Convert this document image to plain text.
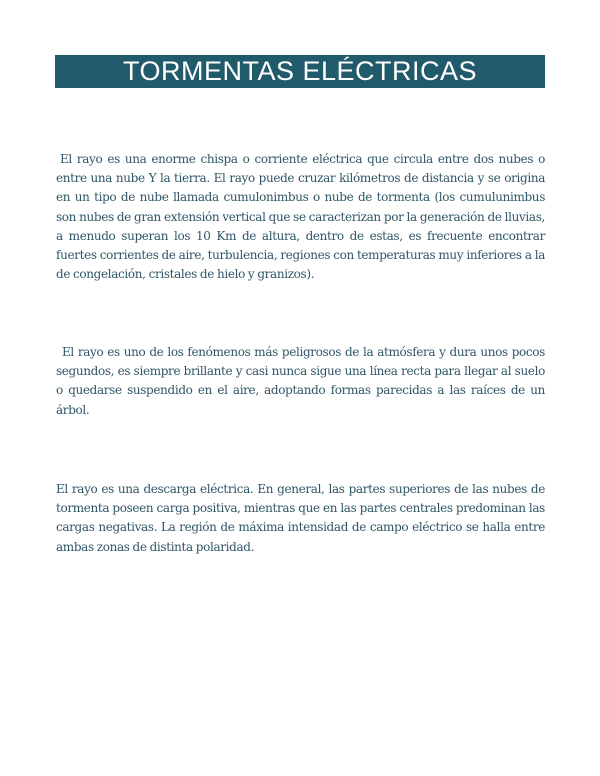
TORMENTAS ELÉCTRICAS

El rayo es una enorme chispa o corriente eléctrica que circula entre dos nubes o entre una nube Y la tierra. El rayo puede cruzar kilómetros de distancia y se origina en un tipo de nube llamada cumulonimbus o nube de tormenta (los cumulunimbus son nubes de gran extensión vertical que se caracterizan por la generación de lluvias, a menudo superan los 10 Km de altura, dentro de estas, es frecuente encontrar fuertes corrientes de aire, turbulencia, regiones con temperaturas muy inferiores a la de congelación, cristales de hielo y granizos).

El rayo es uno de los fenómenos más peligrosos de la atmósfera y dura unos pocos segundos, es siempre brillante y casi nunca sigue una línea recta para llegar al suelo o quedarse suspendido en el aire, adoptando formas parecidas a las raíces de un árbol.

El rayo es una descarga eléctrica. En general, las partes superiores de las nubes de tormenta poseen carga positiva, mientras que en las partes centrales predominan las cargas negativas. La región de máxima intensidad de campo eléctrico se halla entre ambas zonas de distinta polaridad.
